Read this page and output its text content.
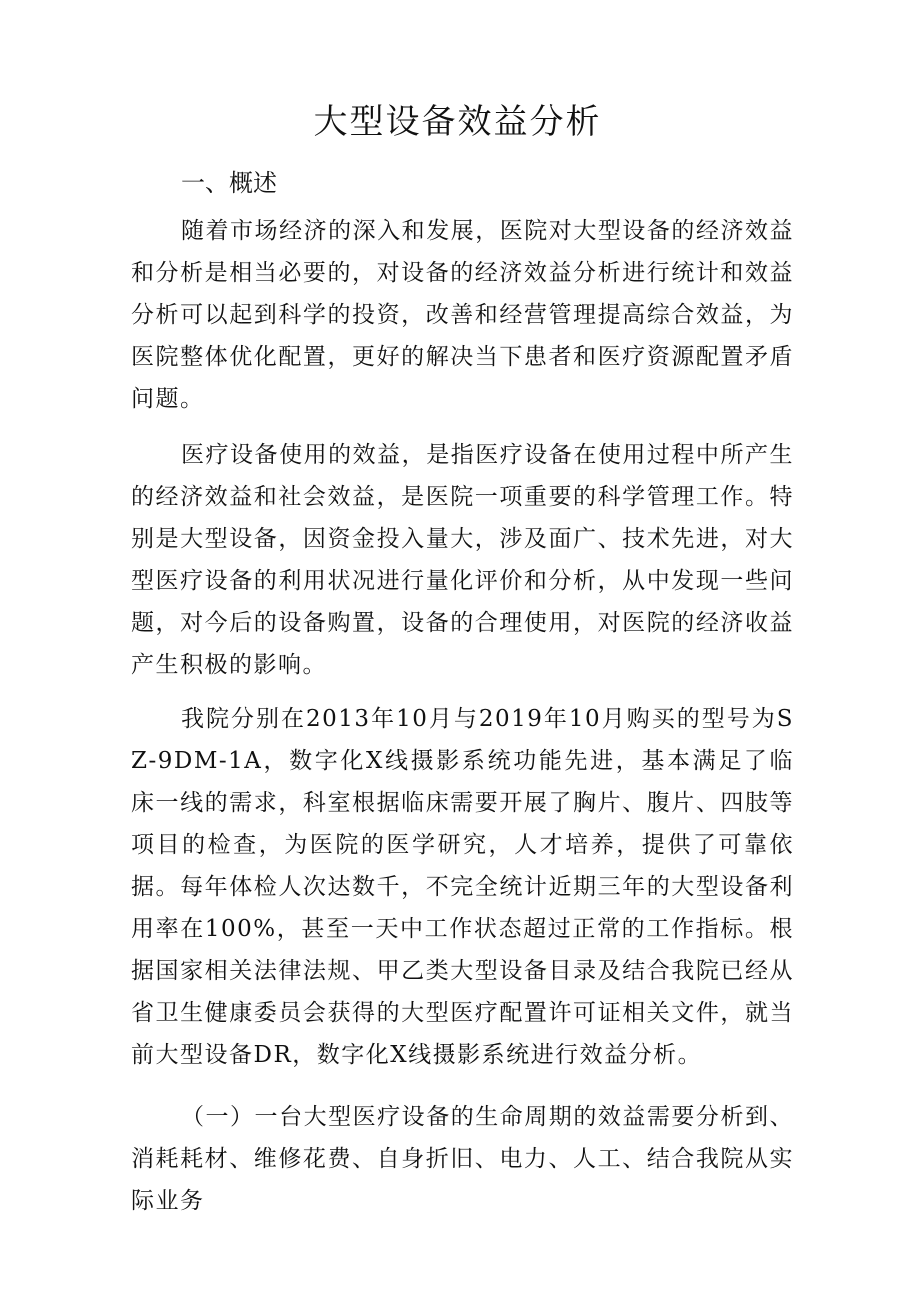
大型设备效益分析
一、概述

随着市场经济的深入和发展，医院对大型设备的经济效益和分析是相当必要的，对设备的经济效益分析进行统计和效益分析可以起到科学的投资，改善和经营管理提高综合效益，为医院整体优化配置，更好的解决当下患者和医疗资源配置矛盾问题。

医疗设备使用的效益，是指医疗设备在使用过程中所产生的经济效益和社会效益，是医院一项重要的科学管理工作。特别是大型设备，因资金投入量大，涉及面广、技术先进，对大型医疗设备的利用状况进行量化评价和分析，从中发现一些问题，对今后的设备购置，设备的合理使用，对医院的经济收益产生积极的影响。

我院分别在2013年10月与2019年10月购买的型号为SZ-9DM-1A，数字化X线摄影系统功能先进，基本满足了临床一线的需求，科室根据临床需要开展了胸片、腹片、四肢等项目的检查，为医院的医学研究，人才培养，提供了可靠依据。每年体检人次达数千，不完全统计近期三年的大型设备利用率在100%，甚至一天中工作状态超过正常的工作指标。根据国家相关法律法规、甲乙类大型设备目录及结合我院已经从省卫生健康委员会获得的大型医疗配置许可证相关文件，就当前大型设备DR，数字化X线摄影系统进行效益分析。

（一）一台大型医疗设备的生命周期的效益需要分析到、消耗耗材、维修花费、自身折旧、电力、人工、结合我院从实际业务
